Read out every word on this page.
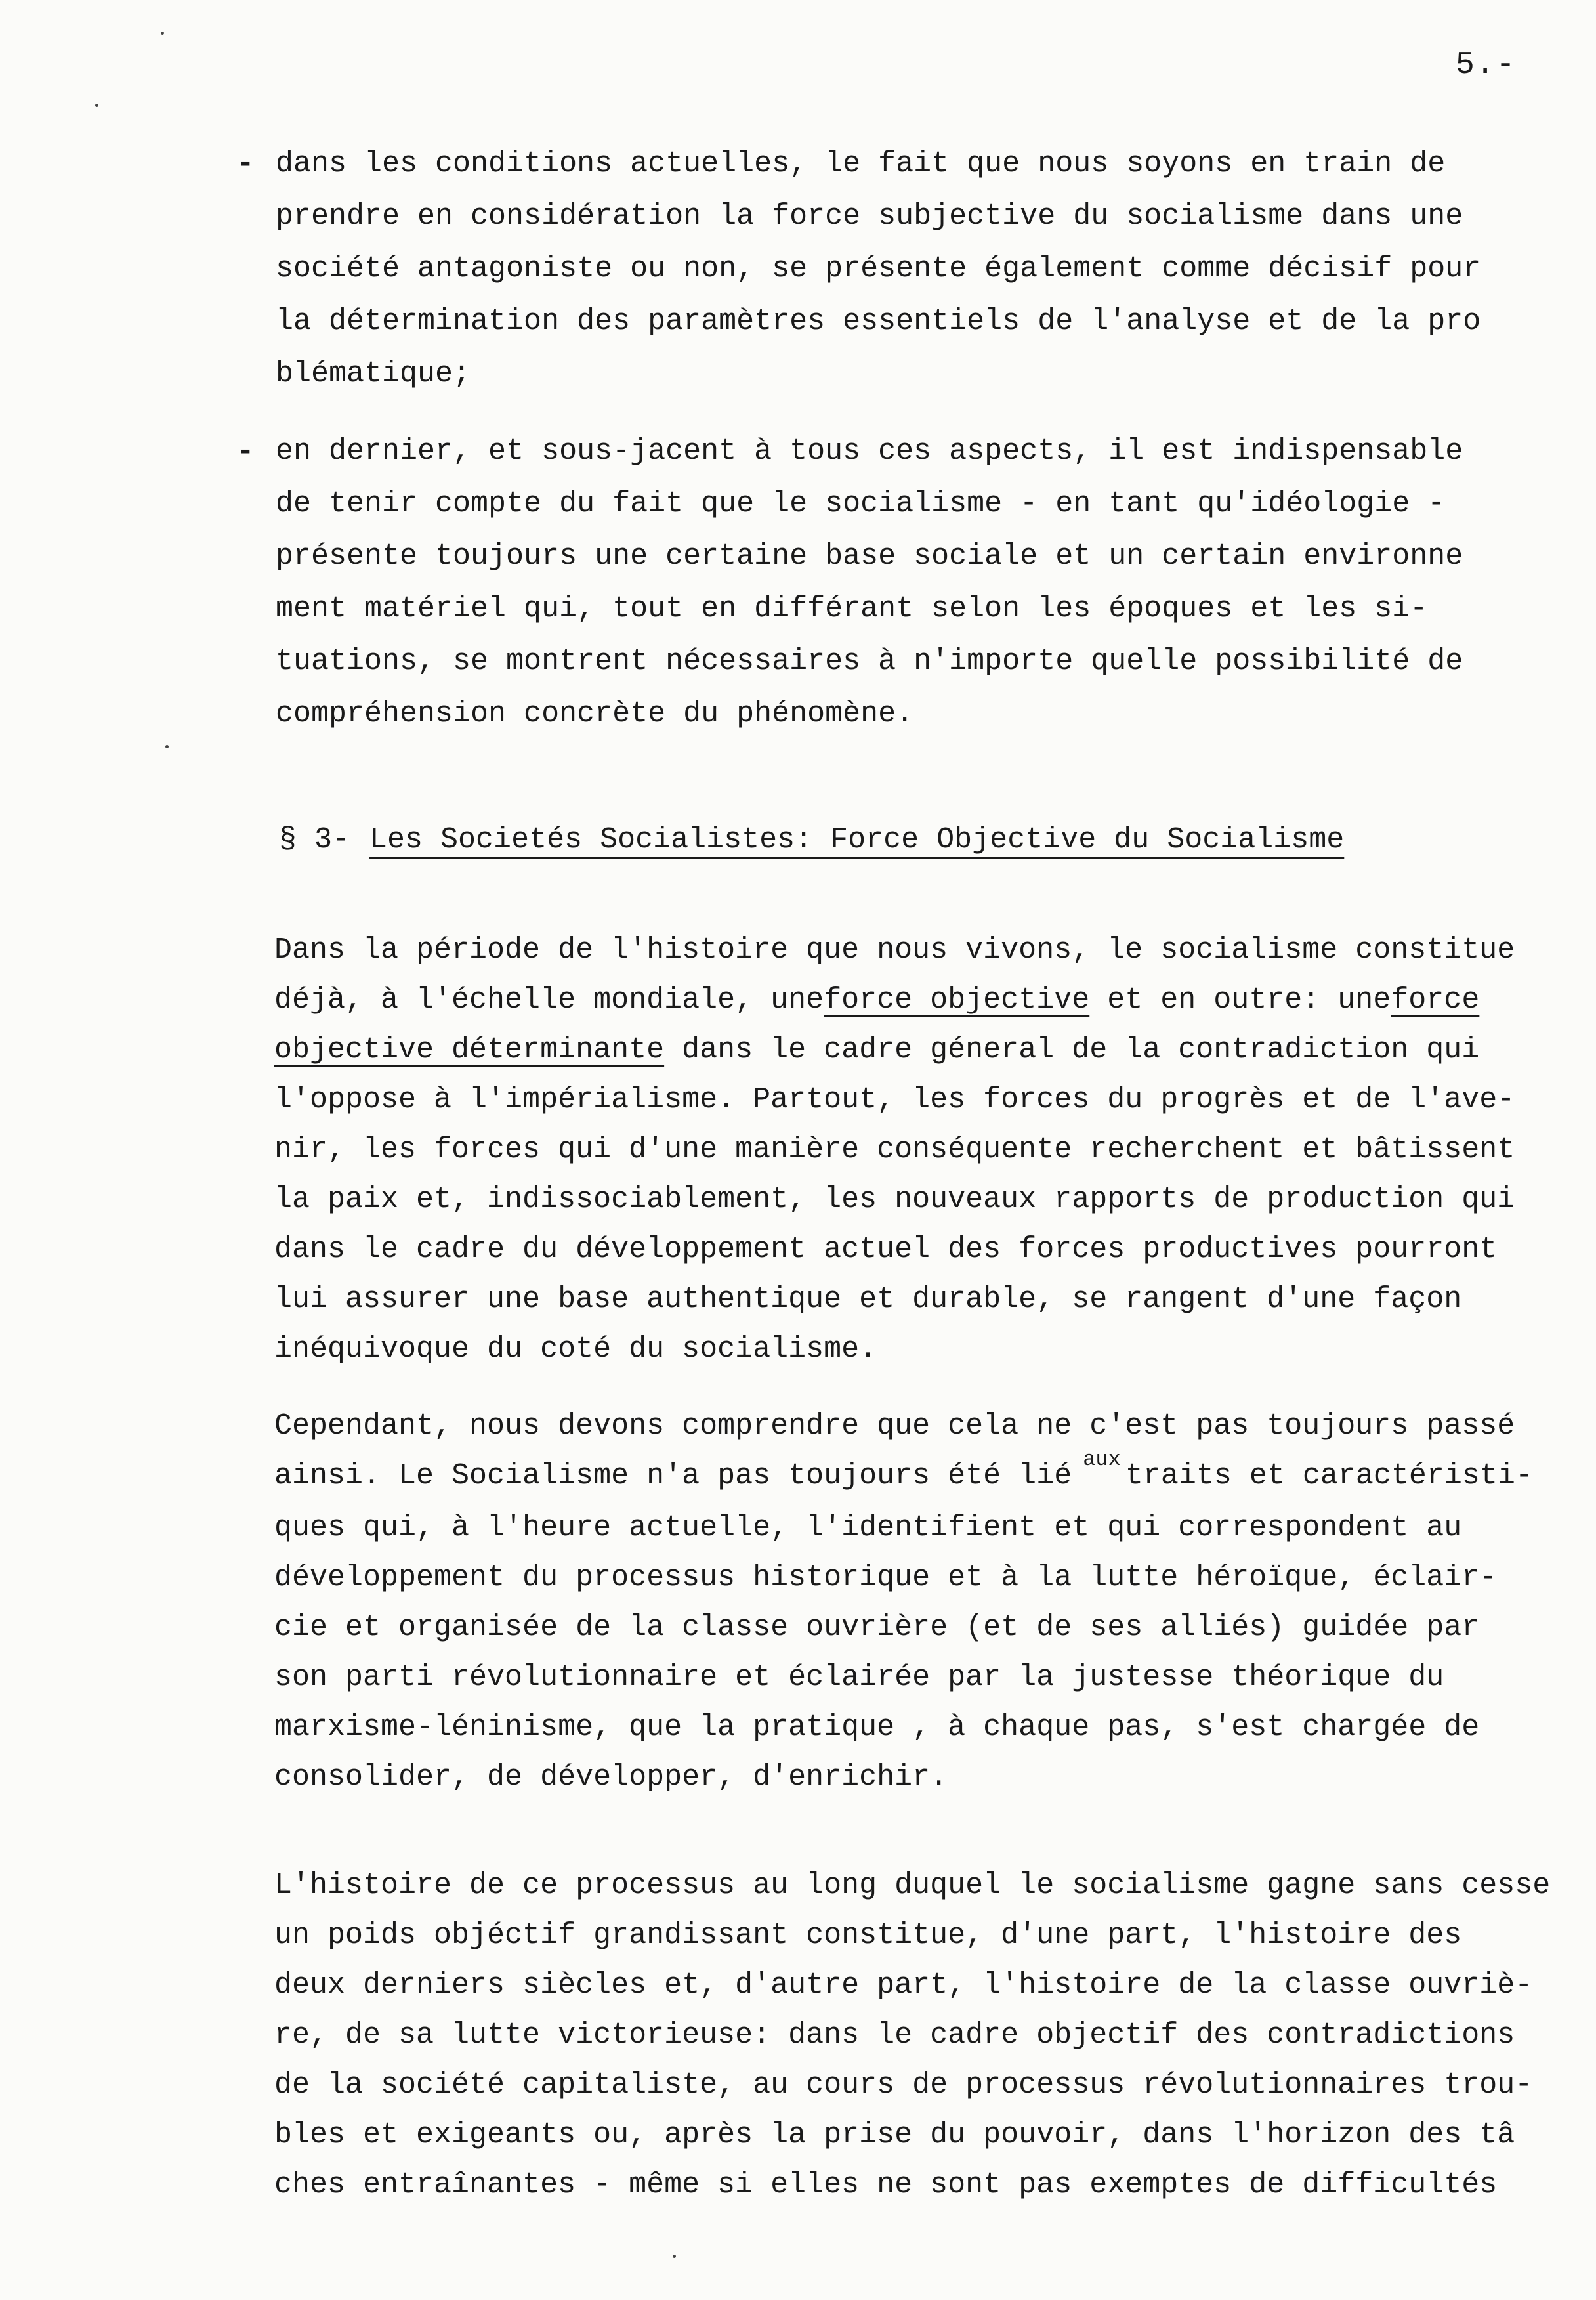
5.-
- dans les conditions actuelles, le fait que nous soyons en train de
prendre en considération la force subjective du socialisme dans une
société antagoniste ou non, se présente également comme décisif pour
la détermination des paramètres essentiels de l'analyse et de la pro
blématique;
- en dernier, et sous-jacent à tous ces aspects, il est indispensable
de tenir compte du fait que le socialisme - en tant qu'idéologie -
présente toujours une certaine base sociale et un certain environne
ment matériel qui, tout en différant selon les époques et les si-
tuations, se montrent nécessaires à n'importe quelle possibilité de
compréhension concrète du phénomène.
§ 3- Les Societés Socialistes: Force Objective du Socialisme
Dans la période de l'histoire que nous vivons, le socialisme constitue
déjà, à l'échelle mondiale, uneforce objective et en outre: uneforce
objective déterminante dans le cadre géneral de la contradiction qui
l'oppose à l'impérialisme. Partout, les forces du progrès et de l'ave-
nir, les forces qui d'une manière conséquente recherchent et bâtissent
la paix et, indissociablement, les nouveaux rapports de production qui
dans le cadre du développement actuel des forces productives pourront
lui assurer une base authentique et durable, se rangent d'une façon
inéquivoque du coté du socialisme.
Cependant, nous devons comprendre que cela ne c'est pas toujours passé
ainsi. Le Socialisme n'a pas toujours été lié $^{aux}$ traits et caractéristi-
ques qui, à l'heure actuelle, l'identifient et qui correspondent au
développement du processus historique et à la lutte héroïque, éclair-
cie et organisée de la classe ouvrière (et de ses alliés) guidée par
son parti révolutionnaire et éclairée par la justesse théorique du
marxisme-léninisme, que la pratique , à chaque pas, s'est chargée de
consolider, de développer, d'enrichir.
L'histoire de ce processus au long duquel le socialisme gagne sans cesse
un poids objéctif grandissant constitue, d'une part, l'histoire des
deux derniers siècles et, d'autre part, l'histoire de la classe ouvriè-
re, de sa lutte victorieuse: dans le cadre objectif des contradictions
de la société capitaliste, au cours de processus révolutionnaires trou-
bles et exigeants ou, après la prise du pouvoir, dans l'horizon des tâ
ches entraînantes - même si elles ne sont pas exemptes de difficultés
